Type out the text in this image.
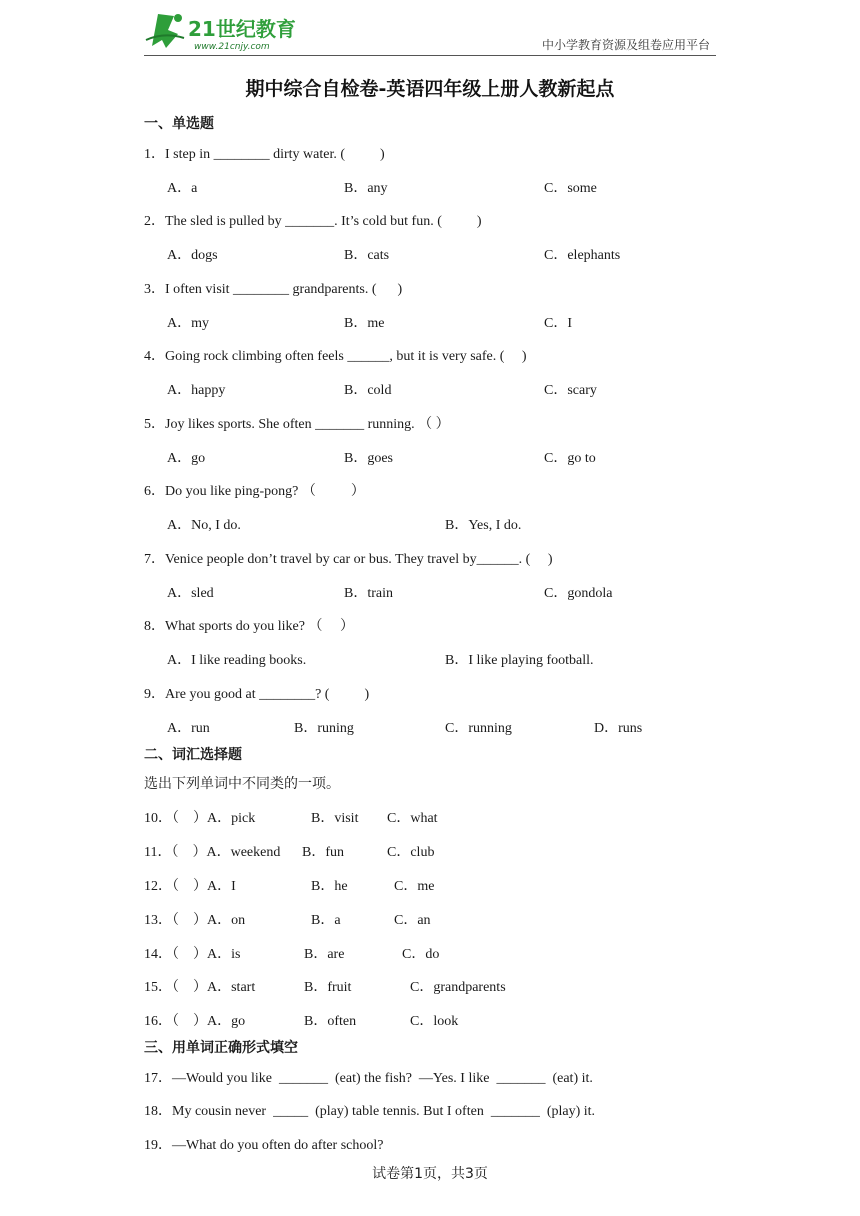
21世纪教育
www.21cnjy.com	中小学教育资源及组卷应用平台
期中综合自检卷-英语四年级上册人教新起点
一、单选题
1．I step in ________ dirty water. (          )
A．a	B．any	C．some
2．The sled is pulled by _______. It’s cold but fun. (          )
A．dogs	B．cats	C．elephants
3．I often visit ________ grandparents. (      )
A．my	B．me	C．I
4．Going rock climbing often feels ______, but it is very safe. (     )
A．happy	B．cold	C．scary
5．Joy likes sports. She often _______ running. （ ）
A．go	B．goes	C．go to
6．Do you like ping-pong? （          ）
A．No, I do.	B．Yes, I do.
7．Venice people don’t travel by car or bus. They travel by______. (     )
A．sled	B．train	C．gondola
8．What sports do you like? （     ）
A．I like reading books.	B．I like playing football.
9．Are you good at ________? (          )
A．run	B．runing	C．running	D．runs
二、词汇选择题
选出下列单词中不同类的一项。
10．（    ）A．pick	B．visit C．what
11．（    ）A．weekend B．fun	C．club
12．（    ）A．I	B．he	C．me
13．（    ）A．on	B．a	C．an
14．（    ）A．is	B．are	C．do
15．（    ）A．start	B．fruit	C．grandparents
16．（    ）A．go	B．often	C．look
三、用单词正确形式填空
17．—Would you like  _______  (eat) the fish?  —Yes. I like  _______  (eat) it.
18．My cousin never  _____  (play) table tennis. But I often  _______  (play) it.
19．—What do you often do after school?
试卷第1页，共3页
